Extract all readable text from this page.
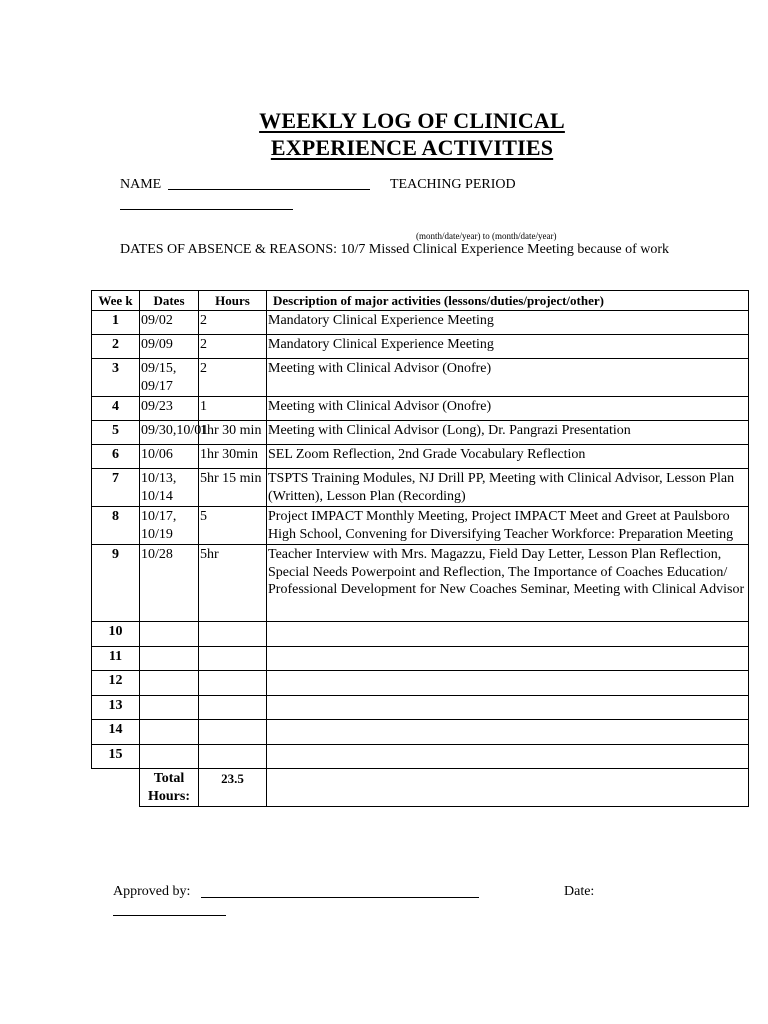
WEEKLY LOG OF CLINICAL
EXPERIENCE ACTIVITIES
NAME	TEACHING PERIOD
(month/date/year) to (month/date/year)
DATES OF ABSENCE & REASONS: 10/7 Missed Clinical Experience Meeting because of work
Wee k	Dates	Hours	Description of major activities (lessons/duties/project/other)
1	09/02	2	Mandatory Clinical Experience Meeting
2	09/09	2	Mandatory Clinical Experience Meeting
3	09/15, 09/17	2	Meeting with Clinical Advisor (Onofre)
4	09/23	1	Meeting with Clinical Advisor (Onofre)
5	09/30,10/01	1hr 30 min	Meeting with Clinical Advisor (Long), Dr. Pangrazi Presentation
6	10/06	1hr 30min	SEL Zoom Reflection, 2nd Grade Vocabulary Reflection
7	10/13, 10/14	5hr 15 min	TSPTS Training Modules, NJ Drill PP, Meeting with Clinical Advisor, Lesson Plan (Written), Lesson Plan (Recording)
8	10/17, 10/19	5	Project IMPACT Monthly Meeting, Project IMPACT Meet and Greet at Paulsboro High School, Convening for Diversifying Teacher Workforce: Preparation Meeting
9	10/28	5hr	Teacher Interview with Mrs. Magazzu, Field Day Letter, Lesson Plan Reflection, Special Needs Powerpoint and Reflection, The Importance of Coaches Education/ Professional Development for New Coaches Seminar, Meeting with Clinical Advisor
10			
11			
12			
13			
14			
15			
	Total Hours:	23.5	
Approved by:	Date:
